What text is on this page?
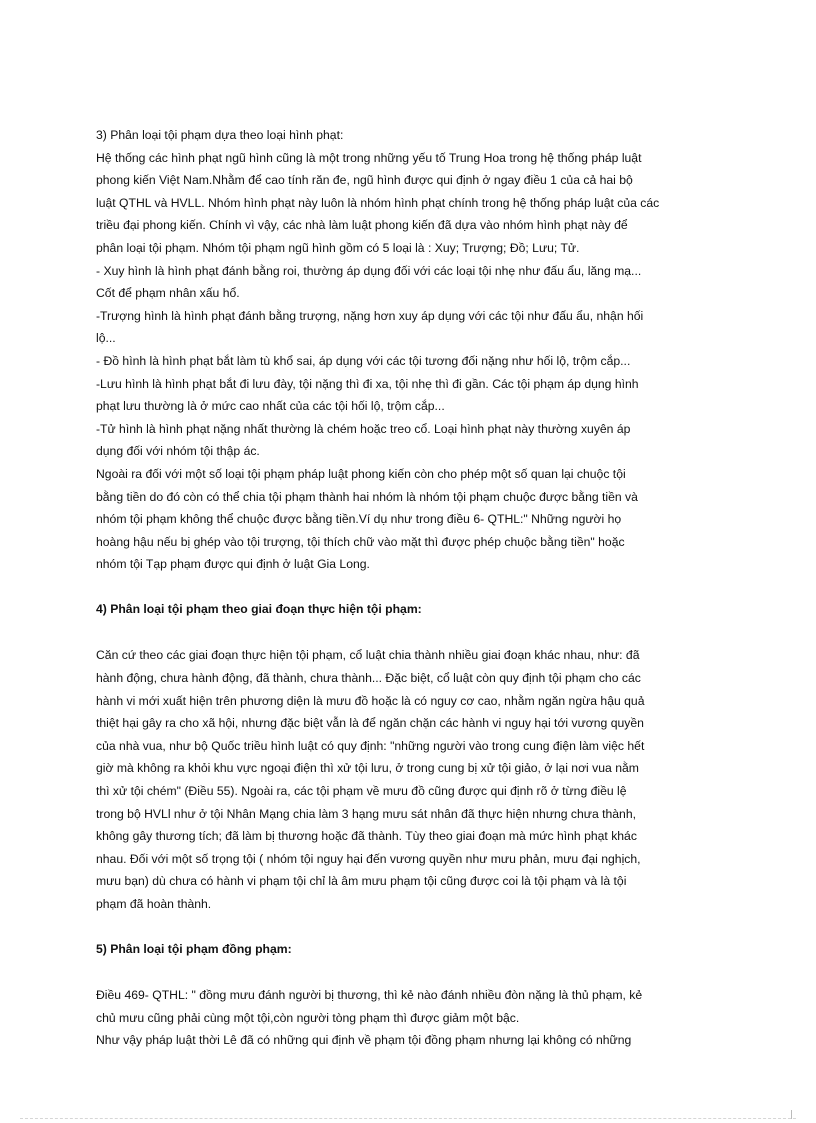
3) Phân loại tội phạm dựa theo loại hình phạt:
Hệ thống các hình phạt ngũ hình cũng là một trong những yếu tố Trung Hoa trong hệ thống pháp luật
phong kiến Việt Nam.Nhằm để cao tính răn đe, ngũ hình được qui định ở ngay điều 1 của cả hai bộ
luật QTHL và HVLL. Nhóm hình phạt này luôn là nhóm hình phạt chính trong hệ thống pháp luật của các
triều đại phong kiến. Chính vì vậy, các nhà làm luật phong kiến đã dựa vào nhóm hình phạt này để
phân loại tội phạm. Nhóm tội phạm ngũ hình gồm có 5 loại là : Xuy; Trượng; Đồ; Lưu; Tử.
- Xuy hình là hình phạt đánh bằng roi, thường áp dụng đối với các loại tội nhẹ như đấu ẩu, lăng mạ...
Cốt để phạm nhân xấu hổ.
-Trượng hình là hình phạt đánh bằng trượng, nặng hơn xuy áp dụng với các tội như đấu ẩu, nhận hối
lộ...
- Đồ hình là hình phạt bắt làm tù khổ sai, áp dụng với các tội tương đối nặng như hối lộ, trộm cắp...
-Lưu hình là hình phạt bắt đi lưu đày, tội nặng thì đi xa, tội nhẹ thì đi gần. Các tội phạm áp dụng hình
phạt lưu thường là ở mức cao nhất của các tội hối lộ, trộm cắp...
-Tử hình là hình phạt nặng nhất thường là chém hoặc treo cổ. Loại hình phạt này thường xuyên áp
dụng đối với nhóm tội thập ác.
Ngoài ra đối với một số loại tội phạm pháp luật phong kiến còn cho phép một số quan lại chuộc tội
bằng tiền do đó còn có thể chia tội phạm thành hai nhóm là nhóm tội phạm chuộc được bằng tiền và
nhóm tội phạm không thể chuộc được bằng tiền.Ví dụ như trong điều 6- QTHL:" Những người họ
hoàng hậu nếu bị ghép vào tội trượng, tội thích chữ vào mặt thì được phép chuộc bằng tiền" hoặc
nhóm tội Tạp phạm được qui định ở luật Gia Long.
4) Phân loại tội phạm theo giai đoạn thực hiện tội phạm:
Căn cứ theo các giai đoạn thực hiện tội phạm, cổ luật chia thành nhiều giai đoạn khác nhau, như: đã
hành động, chưa hành động, đã thành, chưa thành... Đặc biệt, cổ luật còn quy định tội phạm cho các
hành vi mới xuất hiện trên phương diện là mưu đồ hoặc là có nguy cơ cao, nhằm ngăn ngừa hậu quả
thiệt hại gây ra cho xã hội, nhưng đặc biệt vẫn là để ngăn chặn các hành vi nguy hại tới vương quyền
của nhà vua, như bộ Quốc triều hình luật có quy định: "những người vào trong cung điện làm việc hết
giờ mà không ra khỏi khu vực ngoại điện thì xử tội lưu, ở trong cung bị xử tội giảo, ở lại nơi vua nằm
thì xử tội chém" (Điều 55). Ngoài ra, các tội phạm về mưu đồ cũng được qui định rõ ở từng điều lệ
trong bộ HVLl như ở tội Nhân Mạng chia làm 3 hạng mưu sát nhân đã thực hiện nhưng chưa thành,
không gây thương tích; đã làm bị thương hoặc đã thành. Tùy theo giai đoạn mà mức hình phạt khác
nhau. Đối với một số trọng tội ( nhóm tội nguy hại đến vương quyền như mưu phản, mưu đại nghịch,
mưu bạn) dù chưa có hành vi phạm tội chỉ là âm mưu phạm tội cũng được coi là tội phạm và là tội
phạm đã hoàn thành.
5) Phân loại tội phạm đồng phạm:
Điều 469- QTHL: " đồng mưu đánh người bị thương, thì kẻ nào đánh nhiều đòn nặng là thủ phạm, kẻ
chủ mưu cũng phải cùng một tội,còn người tòng phạm thì được giảm một bậc.
Như vậy pháp luật thời Lê đã có những qui định về phạm tội đồng phạm nhưng lại không có những
